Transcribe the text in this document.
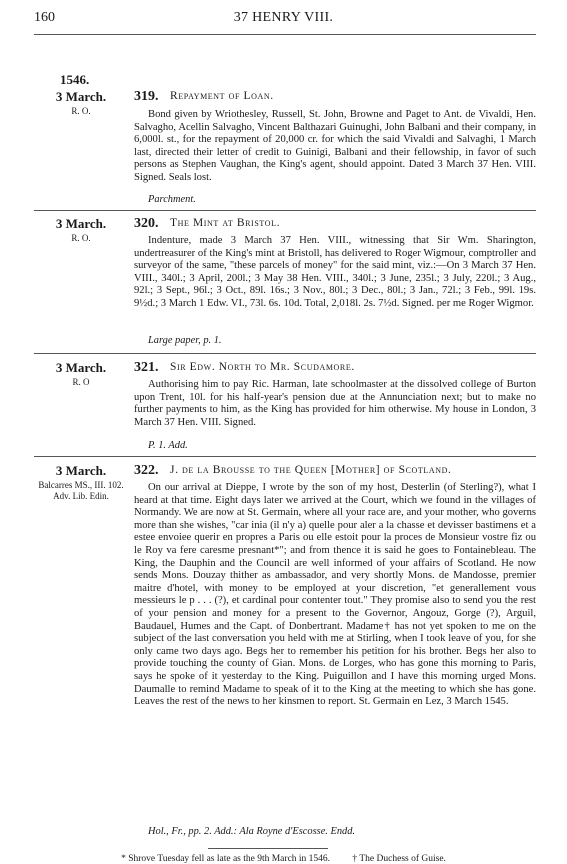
160	37 HENRY VIII.
1546.
3 March.
R. O.
319. Repayment of Loan.

Bond given by Wriothesley, Russell, St. John, Browne and Paget to Ant. de Vivaldi, Hen. Salvagho, Acellin Salvagho, Vincent Balthazari Guinughi, John Balbani and their company, in 6,000l. st., for the repayment of 20,000 cr. for which the said Vivaldi and Salvaghi, 1 March last, directed their letter of credit to Guinigi, Balbani and their fellowship, in favor of such persons as Stephen Vaughan, the King's agent, should appoint. Dated 3 March 37 Hen. VIII. Signed. Seals lost.

Parchment.
3 March.
R. O.
320. The Mint at Bristol.

Indenture, made 3 March 37 Hen. VIII., witnessing that Sir Wm. Sharington, undertreasurer of the King's mint at Bristoll, has delivered to Roger Wigmour, comptroller and surveyor of the same, "these parcels of money" for the said mint, viz.:—On 3 March 37 Hen. VIII., 340l.; 3 April, 200l.; 3 May 38 Hen. VIII., 340l.; 3 June, 235l.; 3 July, 220l.; 3 Aug., 92l.; 3 Sept., 96l.; 3 Oct., 89l. 16s.; 3 Nov., 80l.; 3 Dec., 80l.; 3 Jan., 72l.; 3 Feb., 99l. 19s. 9½d.; 3 March 1 Edw. VI., 73l. 6s. 10d. Total, 2,018l. 2s. 7½d. Signed. per me Roger Wigmor.

Large paper, p. 1.
3 March.
R. O
321. Sir Edw. North to Mr. Scudamore.

Authorising him to pay Ric. Harman, late schoolmaster at the dissolved college of Burton upon Trent, 10l. for his half-year's pension due at the Annunciation next; but to make no further payments to him, as the King has provided for him otherwise. My house in London, 3 March 37 Hen. VIII. Signed.

P. 1. Add.
3 March.
Balcarres MS., III. 102. Adv. Lib. Edin.
322. J. de la Brousse to the Queen [Mother] of Scotland.

On our arrival at Dieppe, I wrote by the son of my host, Desterlin (of Sterling?), what I heard at that time. Eight days later we arrived at the Court, which we found in the villages of Normandy. We are now at St. Germain, where all your race are, and your mother, who governs more than she wishes, "car inia (il n'y a) quelle pour aler a la chasse et devisser bastimens et a estee envoiee querir en propres a Paris ou elle estoit pour la proces de Monsieur vostre fiz ou le Roy va fere caresme presnant*"; and from thence it is said he goes to Fontainebleau. The King, the Dauphin and the Council are well informed of your affairs of Scotland. He now sends Mons. Douzay thither as ambassador, and very shortly Mons. de Mandosse, premier maitre d'hotel, with money to be employed at your discretion, "et generallement vous messieurs le p . . . (?), et cardinal pour contenter tout." They promise also to send you the rest of your pension and money for a present to the Governor, Angouz, Gorge (?), Arguil, Baudauel, Humes and the Capt. of Donbertrant. Madame† has not yet spoken to me on the subject of the last conversation you held with me at Stirling, when I took leave of you, for she only came two days ago. Begs her to remember his petition for his brother. Begs her also to provide touching the county of Gian. Mons. de Lorges, who has gone this morning to Paris, says he spoke of it yesterday to the King. Puiguillon and I have this morning urged Mons. Daumalle to remind Madame to speak of it to the King at the meeting to which she has gone. Leaves the rest of the news to her kinsmen to report. St. Germain en Lez, 3 March 1545.

Hol., Fr., pp. 2. Add.: Ala Royne d'Escosse. Endd.
* Shrove Tuesday fell as late as the 9th March in 1546. † The Duchess of Guise.
